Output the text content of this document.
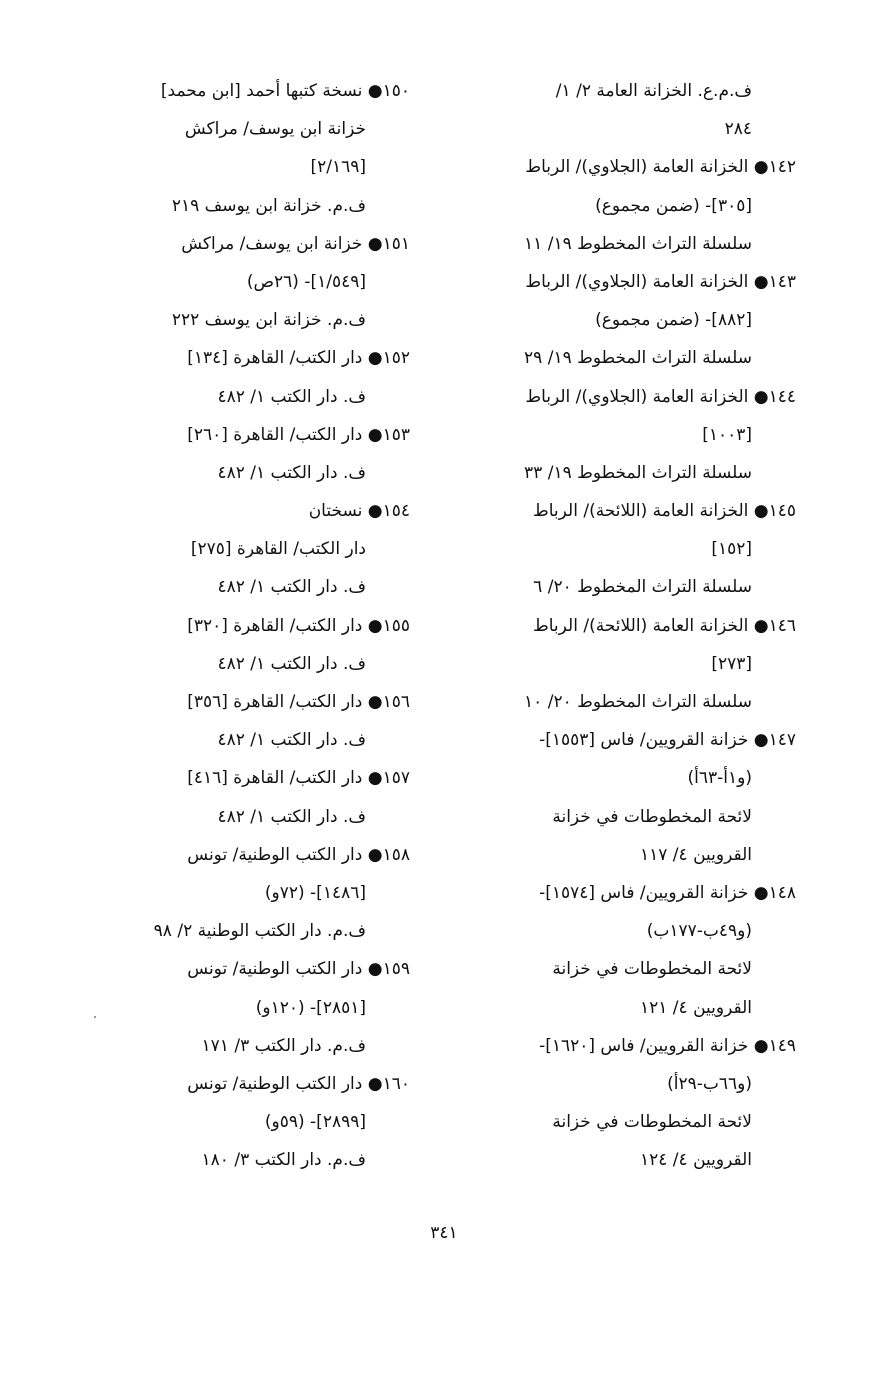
ف.م.ع. الخزانة العامة ٢/ ١/
٢٨٤
١٤٢● الخزانة العامة (الجلاوي)/ الرباط
[٣٠٥]- (ضمن مجموع)
سلسلة التراث المخطوط ١٩/ ١١
١٤٣● الخزانة العامة (الجلاوي)/ الرباط
[٨٨٢]- (ضمن مجموع)
سلسلة التراث المخطوط ١٩/ ٢٩
١٤٤● الخزانة العامة (الجلاوي)/ الرباط
[١٠٠٣]
سلسلة التراث المخطوط ١٩/ ٣٣
١٤٥● الخزانة العامة (اللائحة)/ الرباط
[١٥٢]
سلسلة التراث المخطوط ٢٠/ ٦
١٤٦● الخزانة العامة (اللائحة)/ الرباط
[٢٧٣]
سلسلة التراث المخطوط ٢٠/ ١٠
١٤٧● خزانة القرويين/ فاس [١٥٥٣]-
(و١أ-٦٣أ)
لائحة المخطوطات في خزانة
القرويين ٤/ ١١٧
١٤٨● خزانة القرويين/ فاس [١٥٧٤]-
(و٤٩ب-١٧٧ب)
لائحة المخطوطات في خزانة
القرويين ٤/ ١٢١
١٤٩● خزانة القرويين/ فاس [١٦٢٠]-
(و٦٦ب-٢٩أ)
لائحة المخطوطات في خزانة
القرويين ٤/ ١٢٤
١٥٠● نسخة كتبها أحمد [ابن محمد]
خزانة ابن يوسف/ مراكش
[٢/١٦٩]
ف.م. خزانة ابن يوسف ٢١٩
١٥١● خزانة ابن يوسف/ مراكش
[١/٥٤٩]- (٢٦ص)
ف.م. خزانة ابن يوسف ٢٢٢
١٥٢● دار الكتب/ القاهرة [١٣٤]
ف. دار الكتب ١/ ٤٨٢
١٥٣● دار الكتب/ القاهرة [٢٦٠]
ف. دار الكتب ١/ ٤٨٢
١٥٤● نسختان
دار الكتب/ القاهرة [٢٧٥]
ف. دار الكتب ١/ ٤٨٢
١٥٥● دار الكتب/ القاهرة [٣٢٠]
ف. دار الكتب ١/ ٤٨٢
١٥٦● دار الكتب/ القاهرة [٣٥٦]
ف. دار الكتب ١/ ٤٨٢
١٥٧● دار الكتب/ القاهرة [٤١٦]
ف. دار الكتب ١/ ٤٨٢
١٥٨● دار الكتب الوطنية/ تونس
[١٤٨٦]- (٧٢و)
ف.م. دار الكتب الوطنية ٢/ ٩٨
١٥٩● دار الكتب الوطنية/ تونس
[٢٨٥١]- (١٢٠و)
ف.م. دار الكتب ٣/ ١٧١
١٦٠● دار الكتب الوطنية/ تونس
[٢٨٩٩]- (٥٩و)
ف.م. دار الكتب ٣/ ١٨٠
٣٤١
